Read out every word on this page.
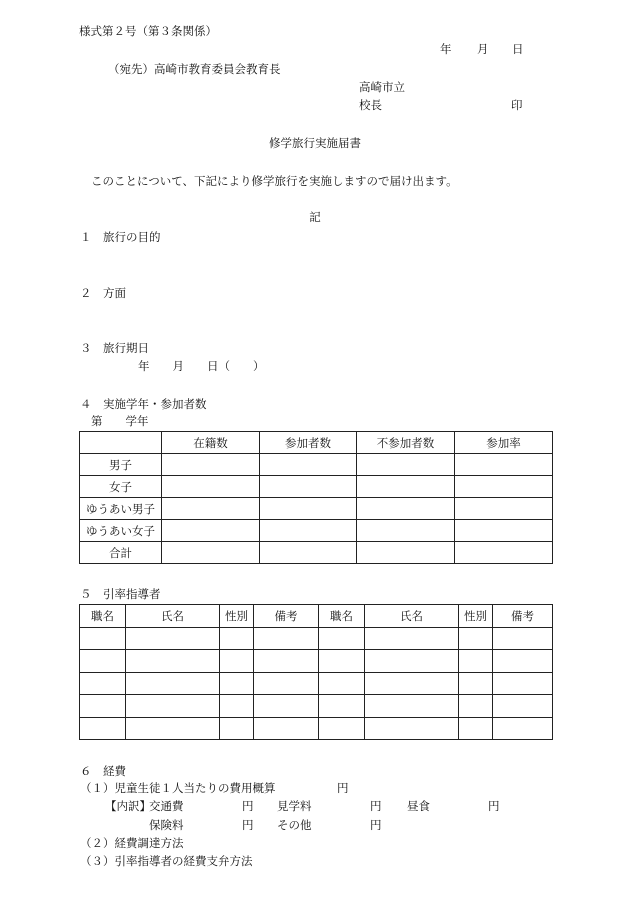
様式第２号（第３条関係）
年 月 日
（宛先）高崎市教育委員会教育長
高崎市立
校長	印
修学旅行実施届書
このことについて、下記により修学旅行を実施しますので届け出ます。
記
１　旅行の目的
２　方面
３　旅行期日
年　　月　　日（　　）
４　実施学年・参加者数
第　　学年
	在籍数	参加者数	不参加者数	参加率
男子				
女子				
ゆうあい男子				
ゆうあい女子				
合計				
５　引率指導者
職名	氏名	性別	備考	職名	氏名	性別	備考

６　経費
（１）児童生徒１人当たりの費用概算	円
【内訳】
交通費	円 見学料	円 昼食	円
保険料	円 その他	円
（２）経費調達方法
（３）引率指導者の経費支弁方法
